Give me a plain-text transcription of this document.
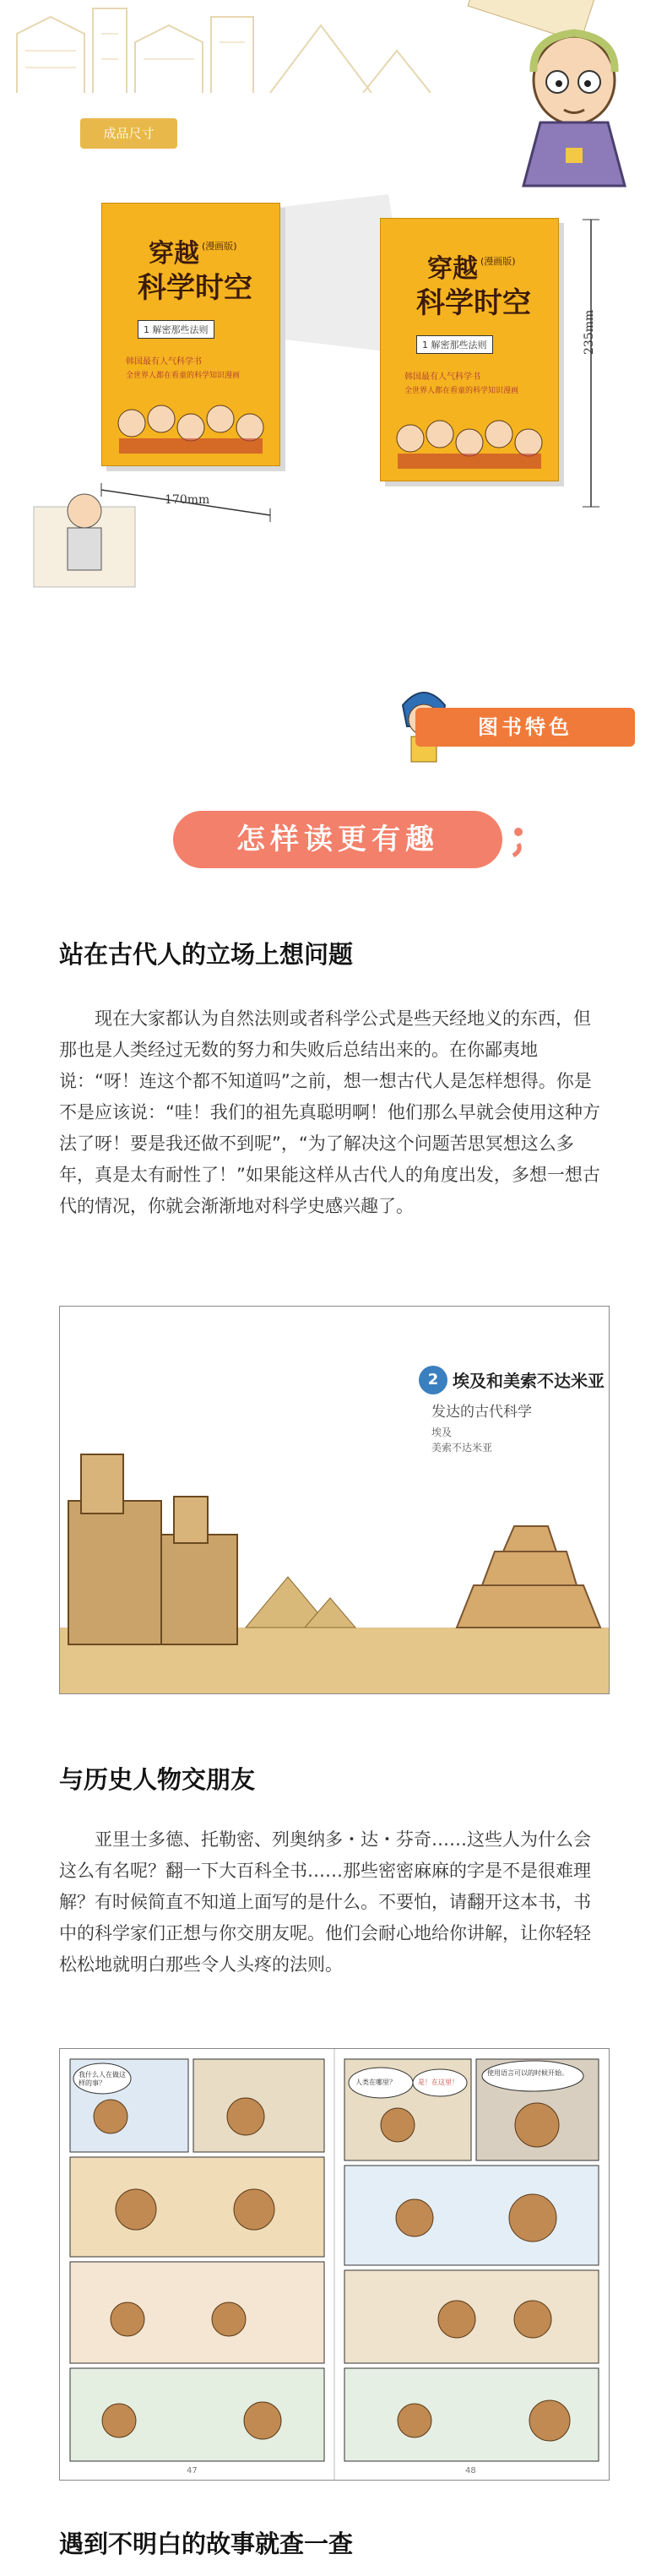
成品尺寸
穿越 (漫画版)
科学时空
1 解密那些法则
韩国最有人气科学书
全世界人都在看童的科学知识漫画
穿越 (漫画版)
科学时空
1 解密那些法则
韩国最有人气科学书
全世界人都在看童的科学知识漫画
170mm
235mm
图书特色
怎样读更有趣
站在古代人的立场上想问题
现在大家都认为自然法则或者科学公式是些天经地义的东西，但那也是人类经过无数的努力和失败后总结出来的。在你鄙夷地说：“呀！连这个都不知道吗”之前，想一想古代人是怎样想得。你是不是应该说：“哇！我们的祖先真聪明啊！他们那么早就会使用这种方法了呀！要是我还做不到呢”，“为了解决这个问题苦思冥想这么多年，真是太有耐性了！”如果能这样从古代人的角度出发，多想一想古代的情况，你就会渐渐地对科学史感兴趣了。
2 埃及和美索不达米亚
发达的古代科学
埃及
美索不达米亚
与历史人物交朋友
亚里士多德、托勒密、列奥纳多・达・芬奇……这些人为什么会这么有名呢？翻一下大百科全书……那些密密麻麻的字是不是很难理解？有时候简直不知道上面写的是什么。不要怕，请翻开这本书，书中的科学家们正想与你交朋友呢。他们会耐心地给你讲解，让你轻轻松松地就明白那些令人头疼的法则。
我什么人在做这样的事？	人类在哪里？	是！在这里！
使用语言可以的时候开始。
47	48
遇到不明白的故事就查一查
